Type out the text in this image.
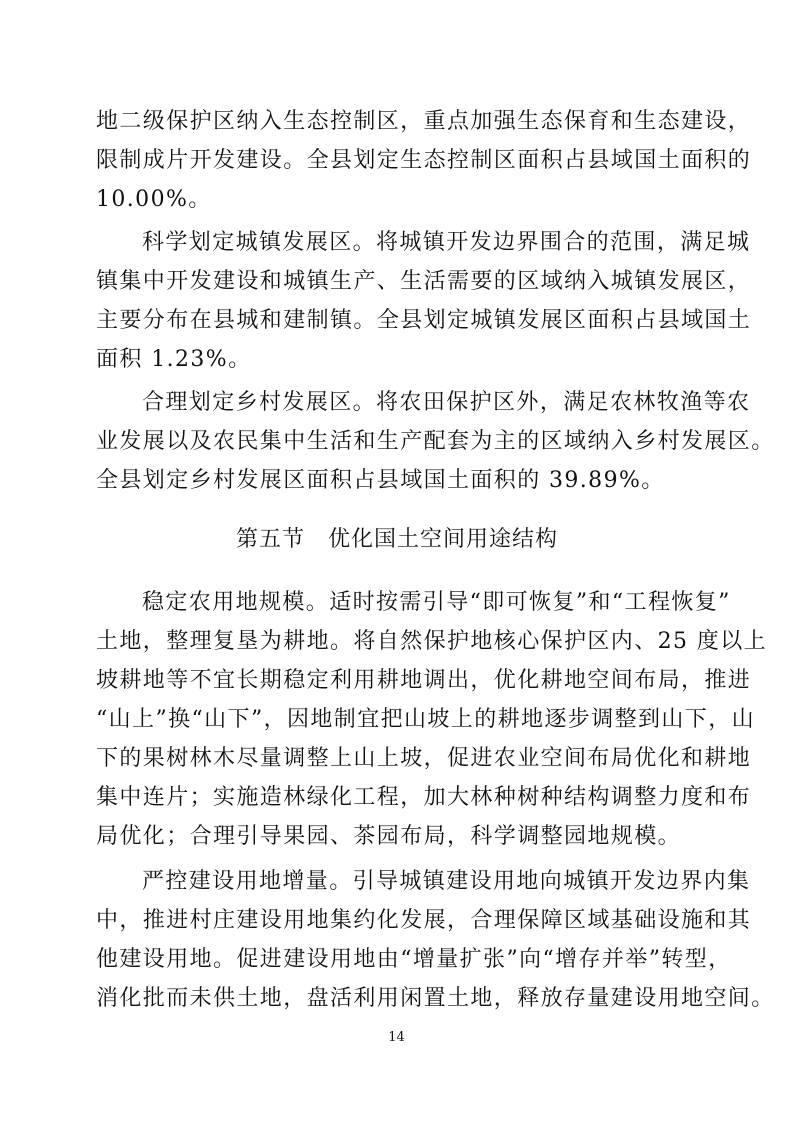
地二级保护区纳入生态控制区，重点加强生态保育和生态建设，
限制成片开发建设。全县划定生态控制区面积占县域国土面积的
10.00%。
科学划定城镇发展区。将城镇开发边界围合的范围，满足城
镇集中开发建设和城镇生产、生活需要的区域纳入城镇发展区，
主要分布在县城和建制镇。全县划定城镇发展区面积占县域国土
面积 1.23%。
合理划定乡村发展区。将农田保护区外，满足农林牧渔等农
业发展以及农民集中生活和生产配套为主的区域纳入乡村发展区。
全县划定乡村发展区面积占县域国土面积的 39.89%。
第五节　优化国土空间用途结构
稳定农用地规模。适时按需引导“即可恢复”和“工程恢复”
土地，整理复垦为耕地。将自然保护地核心保护区内、25 度以上
坡耕地等不宜长期稳定利用耕地调出，优化耕地空间布局，推进
“山上”换“山下”，因地制宜把山坡上的耕地逐步调整到山下，山
下的果树林木尽量调整上山上坡，促进农业空间布局优化和耕地
集中连片；实施造林绿化工程，加大林种树种结构调整力度和布
局优化；合理引导果园、茶园布局，科学调整园地规模。
严控建设用地增量。引导城镇建设用地向城镇开发边界内集
中，推进村庄建设用地集约化发展，合理保障区域基础设施和其
他建设用地。促进建设用地由“增量扩张”向“增存并举”转型，
消化批而未供土地，盘活利用闲置土地，释放存量建设用地空间。
14
